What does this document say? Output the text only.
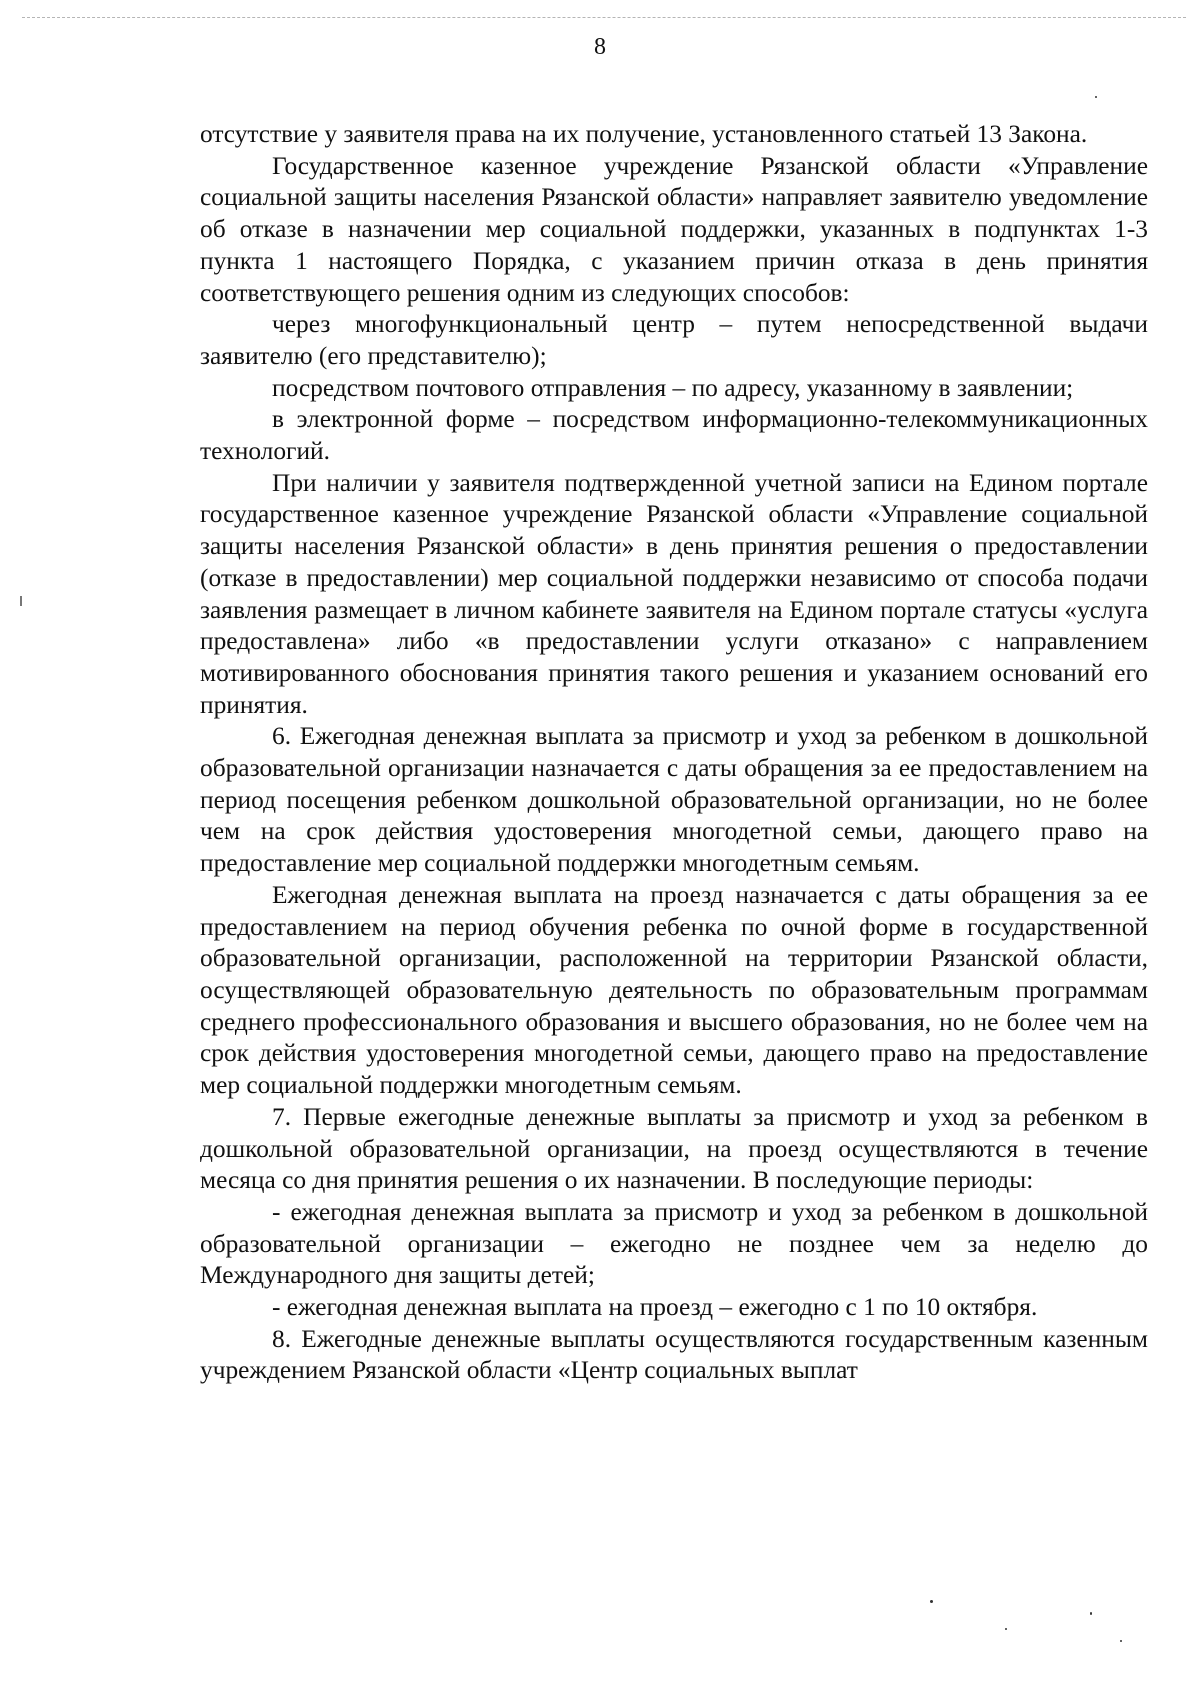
8

отсутствие у заявителя права на их получение, установленного статьей 13 Закона.

Государственное казенное учреждение Рязанской области «Управление социальной защиты населения Рязанской области» направляет заявителю уведомление об отказе в назначении мер социальной поддержки, указанных в подпунктах 1-3 пункта 1 настоящего Порядка, с указанием причин отказа в день принятия соответствующего решения одним из следующих способов:

через многофункциональный центр – путем непосредственной выдачи заявителю (его представителю);

посредством почтового отправления – по адресу, указанному в заявлении;

в электронной форме – посредством информационно-телекоммуникационных технологий.

При наличии у заявителя подтвержденной учетной записи на Едином портале государственное казенное учреждение Рязанской области «Управление социальной защиты населения Рязанской области» в день принятия решения о предоставлении (отказе в предоставлении) мер социальной поддержки независимо от способа подачи заявления размещает в личном кабинете заявителя на Едином портале статусы «услуга предоставлена» либо «в предоставлении услуги отказано» с направлением мотивированного обоснования принятия такого решения и указанием оснований его принятия.

6. Ежегодная денежная выплата за присмотр и уход за ребенком в дошкольной образовательной организации назначается с даты обращения за ее предоставлением на период посещения ребенком дошкольной образовательной организации, но не более чем на срок действия удостоверения многодетной семьи, дающего право на предоставление мер социальной поддержки многодетным семьям.

Ежегодная денежная выплата на проезд назначается с даты обращения за ее предоставлением на период обучения ребенка по очной форме в государственной образовательной организации, расположенной на территории Рязанской области, осуществляющей образовательную деятельность по образовательным программам среднего профессионального образования и высшего образования, но не более чем на срок действия удостоверения многодетной семьи, дающего право на предоставление мер социальной поддержки многодетным семьям.

7. Первые ежегодные денежные выплаты за присмотр и уход за ребенком в дошкольной образовательной организации, на проезд осуществляются в течение месяца со дня принятия решения о их назначении. В последующие периоды:

- ежегодная денежная выплата за присмотр и уход за ребенком в дошкольной образовательной организации – ежегодно не позднее чем за неделю до Международного дня защиты детей;

- ежегодная денежная выплата на проезд – ежегодно с 1 по 10 октября.

8. Ежегодные денежные выплаты осуществляются государственным казенным учреждением Рязанской области «Центр социальных выплат
